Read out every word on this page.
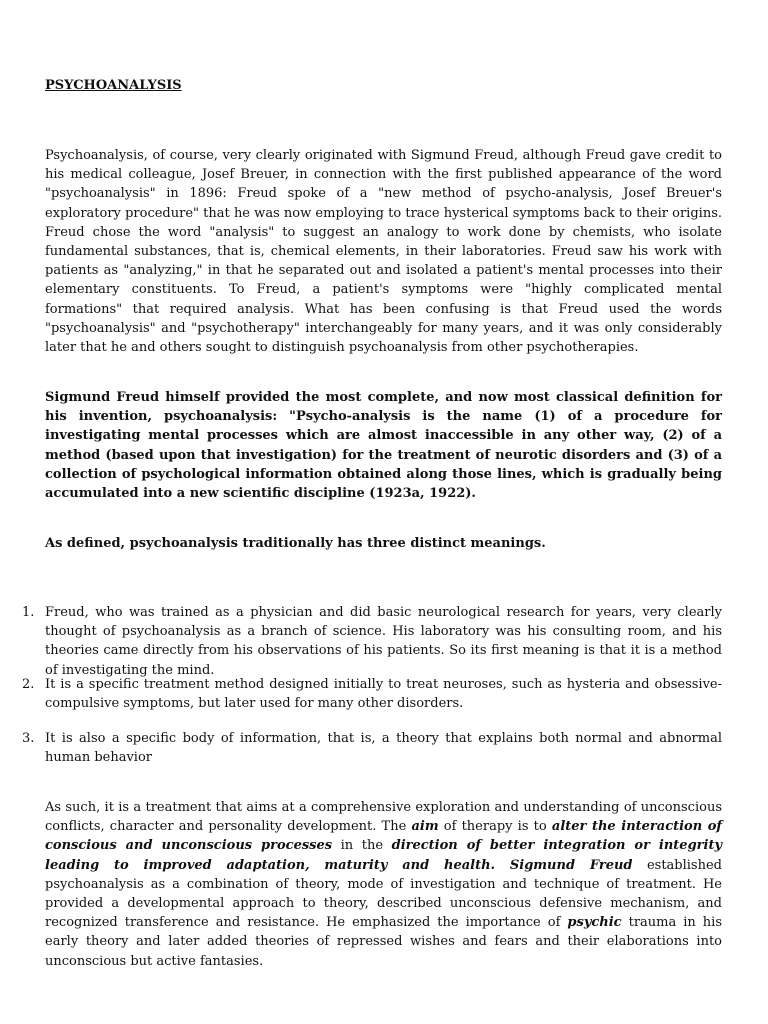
PSYCHOANALYSIS

Psychoanalysis, of course, very clearly originated with Sigmund Freud, although Freud gave credit to his medical colleague, Josef Breuer, in connection with the first published appearance of the word "psychoanalysis" in 1896: Freud spoke of a "new method of psycho-analysis, Josef Breuer's exploratory procedure" that he was now employing to trace hysterical symptoms back to their origins. Freud chose the word "analysis" to suggest an analogy to work done by chemists, who isolate fundamental substances, that is, chemical elements, in their laboratories. Freud saw his work with patients as "analyzing," in that he separated out and isolated a patient's mental processes into their elementary constituents. To Freud, a patient's symptoms were "highly complicated mental formations" that required analysis. What has been confusing is that Freud used the words "psychoanalysis" and "psychotherapy" interchangeably for many years, and it was only considerably later that he and others sought to distinguish psychoanalysis from other psychotherapies.

Sigmund Freud himself provided the most complete, and now most classical definition for his invention, psychoanalysis: "Psycho-analysis is the name (1) of a procedure for investigating mental processes which are almost inaccessible in any other way, (2) of a method (based upon that investigation) for the treatment of neurotic disorders and (3) of a collection of psychological information obtained along those lines, which is gradually being accumulated into a new scientific discipline (1923a, 1922).

As defined, psychoanalysis traditionally has three distinct meanings.

1. Freud, who was trained as a physician and did basic neurological research for years, very clearly thought of psychoanalysis as a branch of science. His laboratory was his consulting room, and his theories came directly from his observations of his patients. So its first meaning is that it is a method of investigating the mind.
2. It is a specific treatment method designed initially to treat neuroses, such as hysteria and obsessive-compulsive symptoms, but later used for many other disorders.
3. It is also a specific body of information, that is, a theory that explains both normal and abnormal human behavior

As such, it is a treatment that aims at a comprehensive exploration and understanding of unconscious conflicts, character and personality development. The aim of therapy is to alter the interaction of conscious and unconscious processes in the direction of better integration or integrity leading to improved adaptation, maturity and health. Sigmund Freud established psychoanalysis as a combination of theory, mode of investigation and technique of treatment. He provided a developmental approach to theory, described unconscious defensive mechanism, and recognized transference and resistance. He emphasized the importance of psychic trauma in his early theory and later added theories of repressed wishes and fears and their elaborations into unconscious but active fantasies.
